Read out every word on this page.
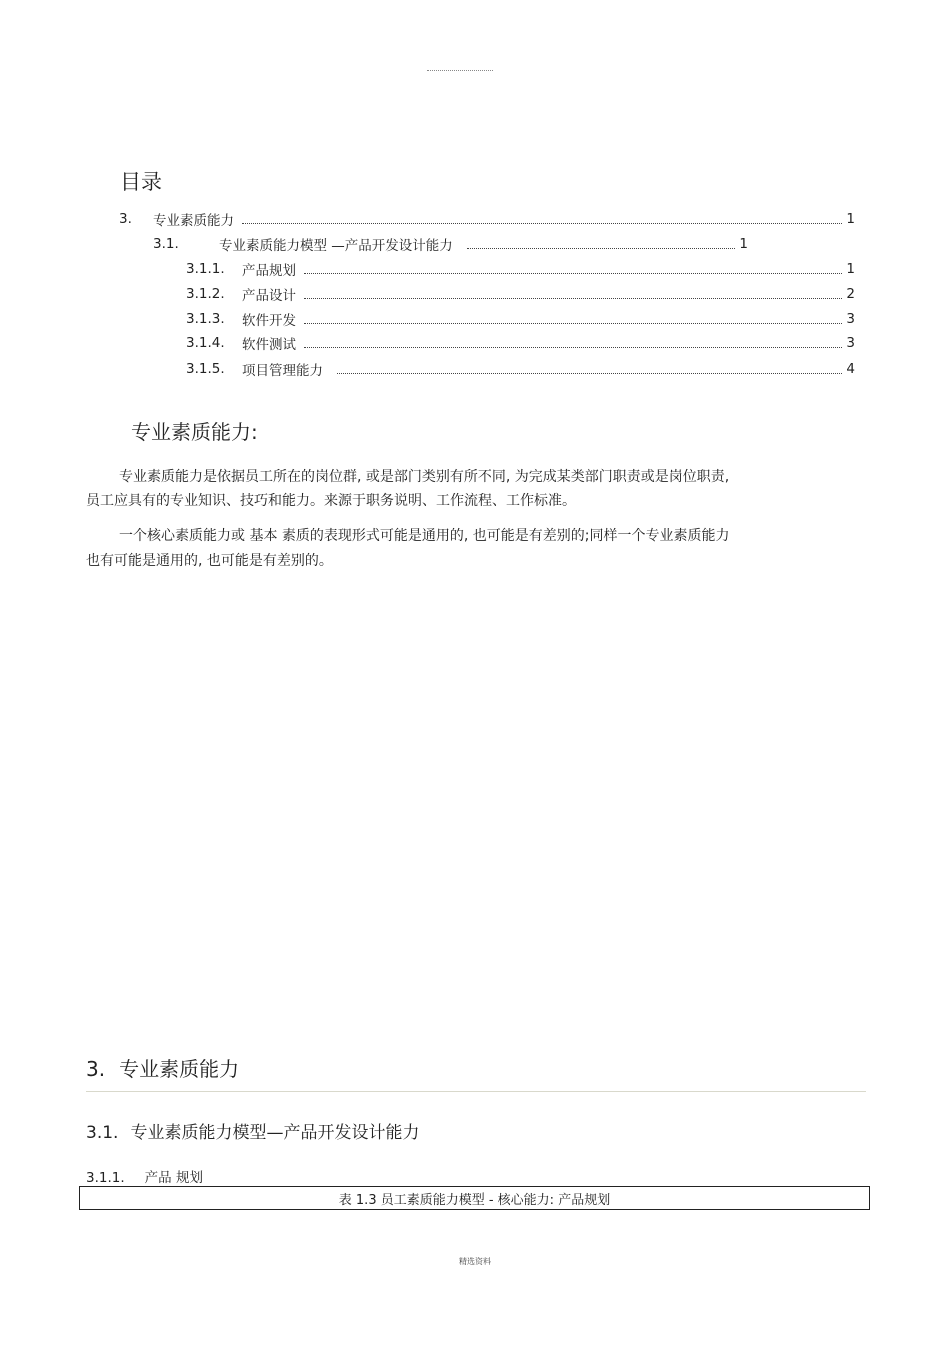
目录
3.	专业素质能力	1
3.1.	专业素质能力模型 —产品开发设计能力	1
3.1.1.	产品规划	1
3.1.2.	产品设计	2
3.1.3.	软件开发	3
3.1.4.	软件测试	3
3.1.5.	项目管理能力	4
专业素质能力:
专业素质能力是依据员工所在的岗位群, 或是部门类别有所不同, 为完成某类部门职责或是岗位职责,
员工应具有的专业知识、技巧和能力。来源于职务说明、工作流程、工作标准。
一个核心素质能力或 基本 素质的表现形式可能是通用的, 也可能是有差别的;同样一个专业素质能力
也有可能是通用的, 也可能是有差别的。
3. 专业素质能力
3.1. 专业素质能力模型—产品开发设计能力
3.1.1. 产品 规划
表 1.3 员工素质能力模型 - 核心能力: 产品规划
精选资料
